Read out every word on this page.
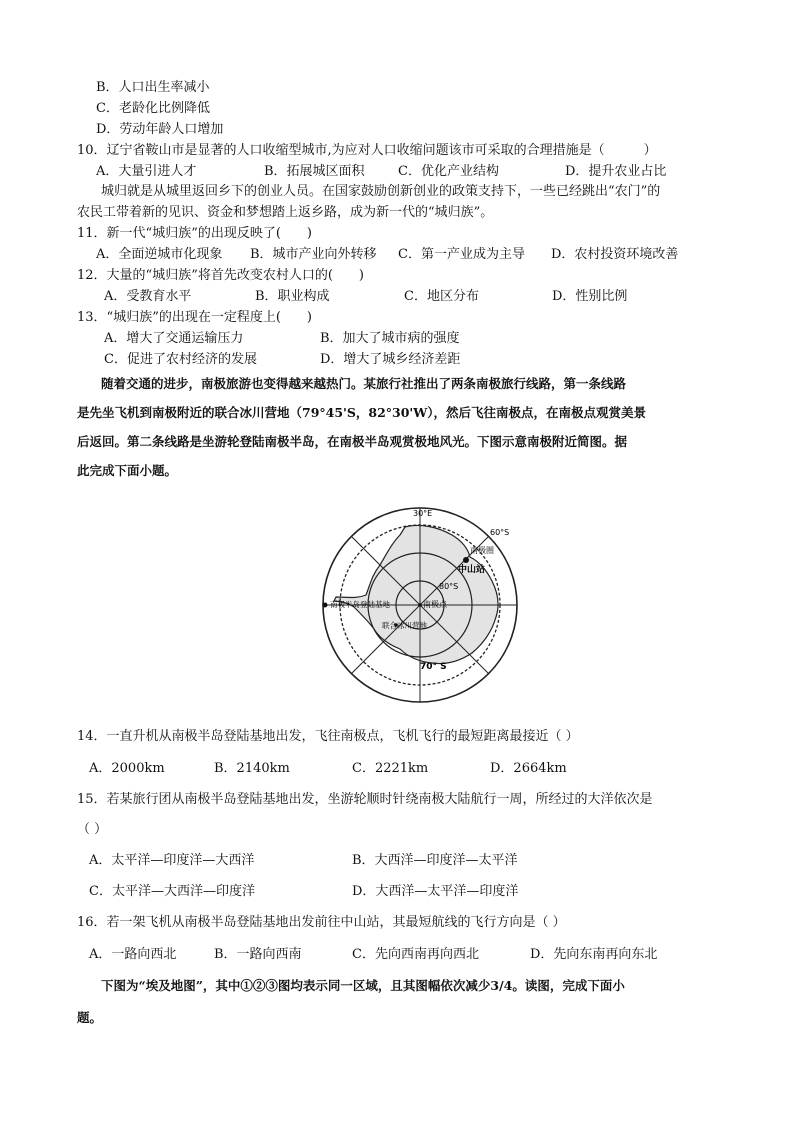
B．人口出生率减小
C．老龄化比例降低
D．劳动年龄人口增加
10．辽宁省鞍山市是显著的人口收缩型城市,为应对人口收缩问题该市可采取的合理措施是（　　　）
A．大量引进人才	B．拓展城区面积	C．优化产业结构	D．提升农业占比
城归就是从城里返回乡下的创业人员。在国家鼓励创新创业的政策支持下，一些已经跳出“农门”的
农民工带着新的见识、资金和梦想踏上返乡路，成为新一代的“城归族”。
11．新一代“城归族”的出现反映了(　　)
A．全面逆城市化现象 B．城市产业向外转移 C．第一产业成为主导 D．农村投资环境改善
12．大量的“城归族”将首先改变农村人口的(　　)
A．受教育水平	B．职业构成	C．地区分布	D．性别比例
13．“城归族”的出现在一定程度上(　　)
A．增大了交通运输压力	B．加大了城市病的强度
C．促进了农村经济的发展	D．增大了城乡经济差距
随着交通的进步，南极旅游也变得越来越热门。某旅行社推出了两条南极旅行线路，第一条线路
是先坐飞机到南极附近的联合冰川营地（79°45'S，82°30'W），然后飞往南极点，在南极点观赏美景
后返回。第二条线路是坐游轮登陆南极半岛，在南极半岛观赏极地风光。下图示意南极附近简图。据
此完成下面小题。
30°E
60°S
南极圈
中山站
80°S
南极半岛登陆基地	南极点
联合冰川营地
70° S
14．一直升机从南极半岛登陆基地出发，飞往南极点，飞机飞行的最短距离最接近（ ）
A．2000km	B．2140km	C．2221km	D．2664km
15．若某旅行团从南极半岛登陆基地出发，坐游轮顺时针绕南极大陆航行一周，所经过的大洋依次是
（ ）
A．太平洋—印度洋—大西洋	B．大西洋—印度洋—太平洋
C．太平洋—大西洋—印度洋	D．大西洋—太平洋—印度洋
16．若一架飞机从南极半岛登陆基地出发前往中山站，其最短航线的飞行方向是（ ）
A．一路向西北	B．一路向西南	C．先向西南再向西北	D．先向东南再向东北
下图为“埃及地图”，其中①②③图均表示同一区域，且其图幅依次减少3/4。读图，完成下面小
题。
